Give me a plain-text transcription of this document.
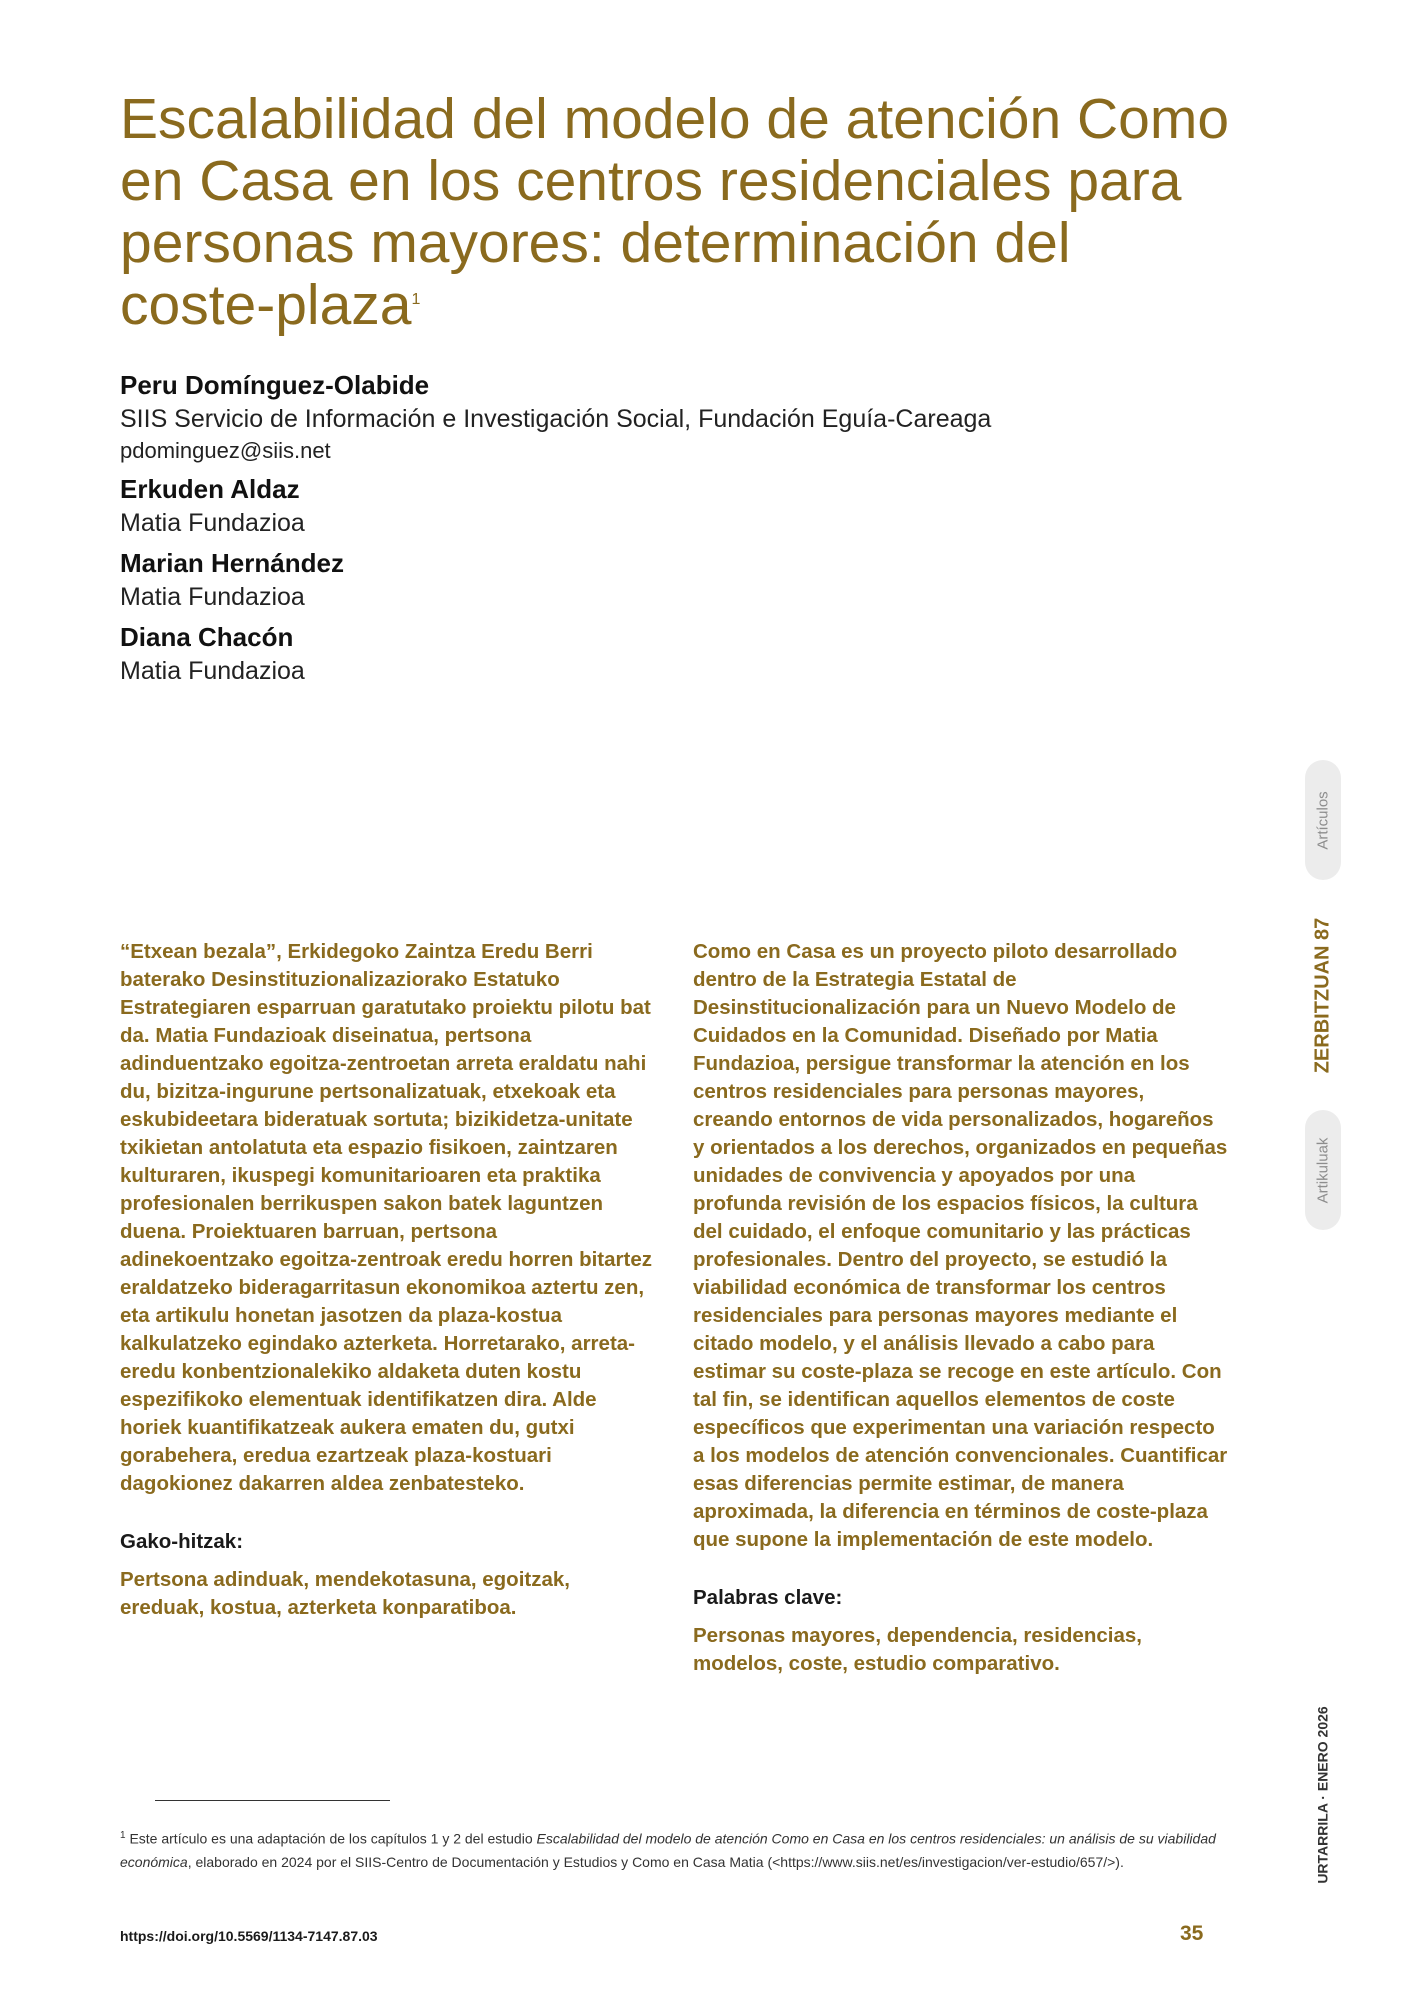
Escalabilidad del modelo de atención Como en Casa en los centros residenciales para personas mayores: determinación del coste-plaza$^1$
Peru Domínguez-Olabide
SIIS Servicio de Información e Investigación Social, Fundación Eguía-Careaga
pdominguez@siis.net
Erkuden Aldaz
Matia Fundazioa
Marian Hernández
Matia Fundazioa
Diana Chacón
Matia Fundazioa

“Etxean bezala”, Erkidegoko Zaintza Eredu Berri baterako Desinstituzionalizaziorako Estatuko Estrategiaren esparruan garatutako proiektu pilotu bat da. Matia Fundazioak diseinatua, pertsona adinduentzako egoitza-zentroetan arreta eraldatu nahi du, bizitza-ingurune pertsonalizatuak, etxekoak eta eskubideetara bideratuak sortuta; bizikidetza-unitate txikietan antolatuta eta espazio fisikoen, zaintzaren kulturaren, ikuspegi komunitarioaren eta praktika profesionalen berrikuspen sakon batek laguntzen duena. Proiektuaren barruan, pertsona adinekoentzako egoitza-zentroak eredu horren bitartez eraldatzeko bideragarritasun ekonomikoa aztertu zen, eta artikulu honetan jasotzen da plaza-kostua kalkulatzeko egindako azterketa. Horretarako, arreta-eredu konbentzionalekiko aldaketa duten kostu espezifikoko elementuak identifikatzen dira. Alde horiek kuantifikatzeak aukera ematen du, gutxi gorabehera, eredua ezartzeak plaza-kostuari dagokionez dakarren aldea zenbatesteko.

Gako-hitzak:

Pertsona adinduak, mendekotasuna, egoitzak, ereduak, kostua, azterketa konparatiboa.

Como en Casa es un proyecto piloto desarrollado dentro de la Estrategia Estatal de Desinstitucionalización para un Nuevo Modelo de Cuidados en la Comunidad. Diseñado por Matia Fundazioa, persigue transformar la atención en los centros residenciales para personas mayores, creando entornos de vida personalizados, hogareños y orientados a los derechos, organizados en pequeñas unidades de convivencia y apoyados por una profunda revisión de los espacios físicos, la cultura del cuidado, el enfoque comunitario y las prácticas profesionales. Dentro del proyecto, se estudió la viabilidad económica de transformar los centros residenciales para personas mayores mediante el citado modelo, y el análisis llevado a cabo para estimar su coste-plaza se recoge en este artículo. Con tal fin, se identifican aquellos elementos de coste específicos que experimentan una variación respecto a los modelos de atención convencionales. Cuantificar esas diferencias permite estimar, de manera aproximada, la diferencia en términos de coste-plaza que supone la implementación de este modelo.

Palabras clave:

Personas mayores, dependencia, residencias, modelos, coste, estudio comparativo.

Artículos
ZERBITZUAN 87
Artikuluak
URTARRILA · ENERO 2026

$^1$ Este artículo es una adaptación de los capítulos 1 y 2 del estudio Escalabilidad del modelo de atención Como en Casa en los centros residenciales: un análisis de su viabilidad económica, elaborado en 2024 por el SIIS-Centro de Documentación y Estudios y Como en Casa Matia (<https://www.siis.net/es/investigacion/ver-estudio/657/>).

https://doi.org/10.5569/1134-7147.87.03	35
